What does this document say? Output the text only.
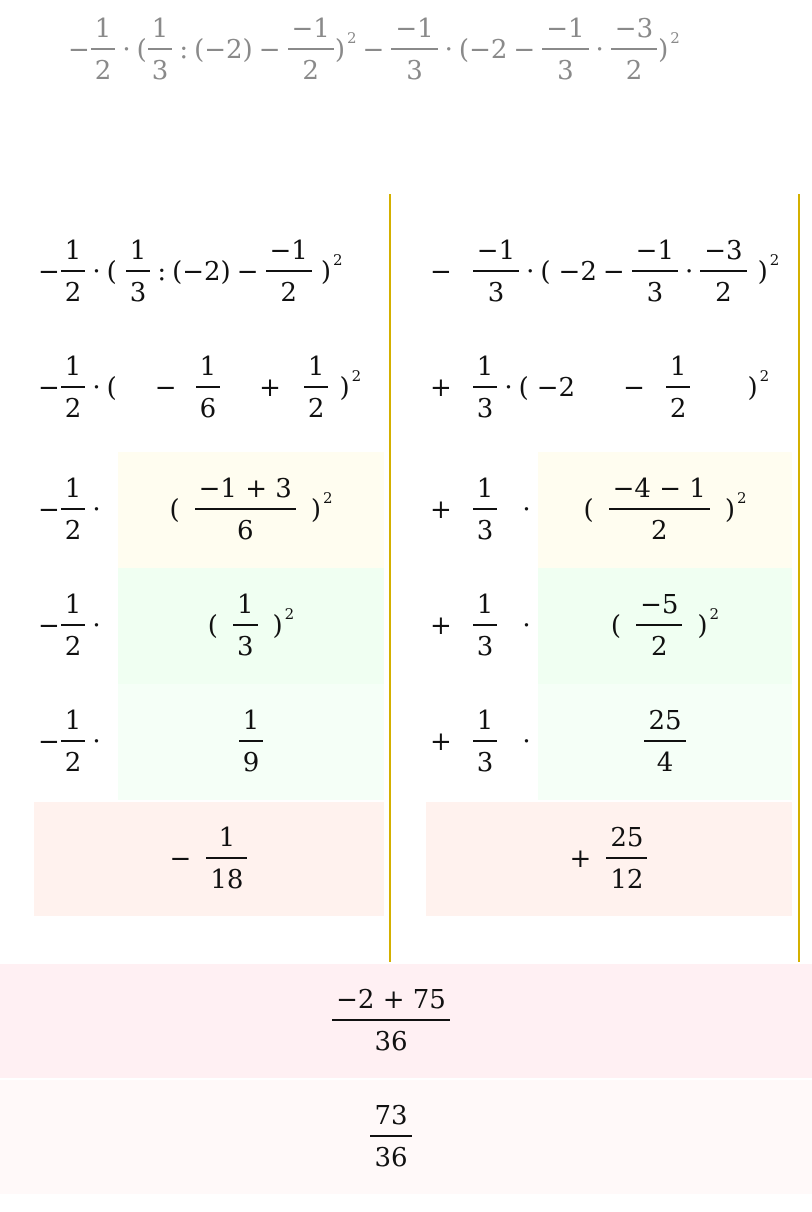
− $\frac{1}{2}$ · ( $\frac{1}{3}$ : $(-2) - \frac{-1}{2}$ ) $2 - \frac{-1}{3} \cdot (-2 - \frac{-1}{3} \cdot \frac{-3}{2}$ ) 2
− $\frac{1}{2}$ · ( $\frac{1}{3}$ : $(-2) - \frac{-1}{2}$ ) 2
− $\frac{1}{2}$ · ( − $\frac{1}{6} + \frac{1}{2}$ ) 2
− $\frac{1}{2}$ ·	( $\frac{-1 + 3}{6}$ ) 2
− $\frac{1}{2}$ ·	( $\frac{1}{3}$ ) 2
− $\frac{1}{2}$ ·	$\frac{1}{9}$
− $\frac{1}{18}$
− $\frac{-1}{3}$ · ( $-2 - \frac{-1}{3} \cdot \frac{-3}{2}$ ) 2
+ $\frac{1}{3}$ · ( $-2 - \frac{1}{2}$ ) 2
+ $\frac{1}{3}$ · ( $\frac{-4 - 1}{2}$ ) 2
+ $\frac{1}{3}$ ·	( $\frac{-5}{2}$ ) 2
+ $\frac{1}{3}$ ·	$\frac{25}{4}$
+ $\frac{25}{12}$
$\frac{-2 + 75}{36}$
$\frac{73}{36}$
